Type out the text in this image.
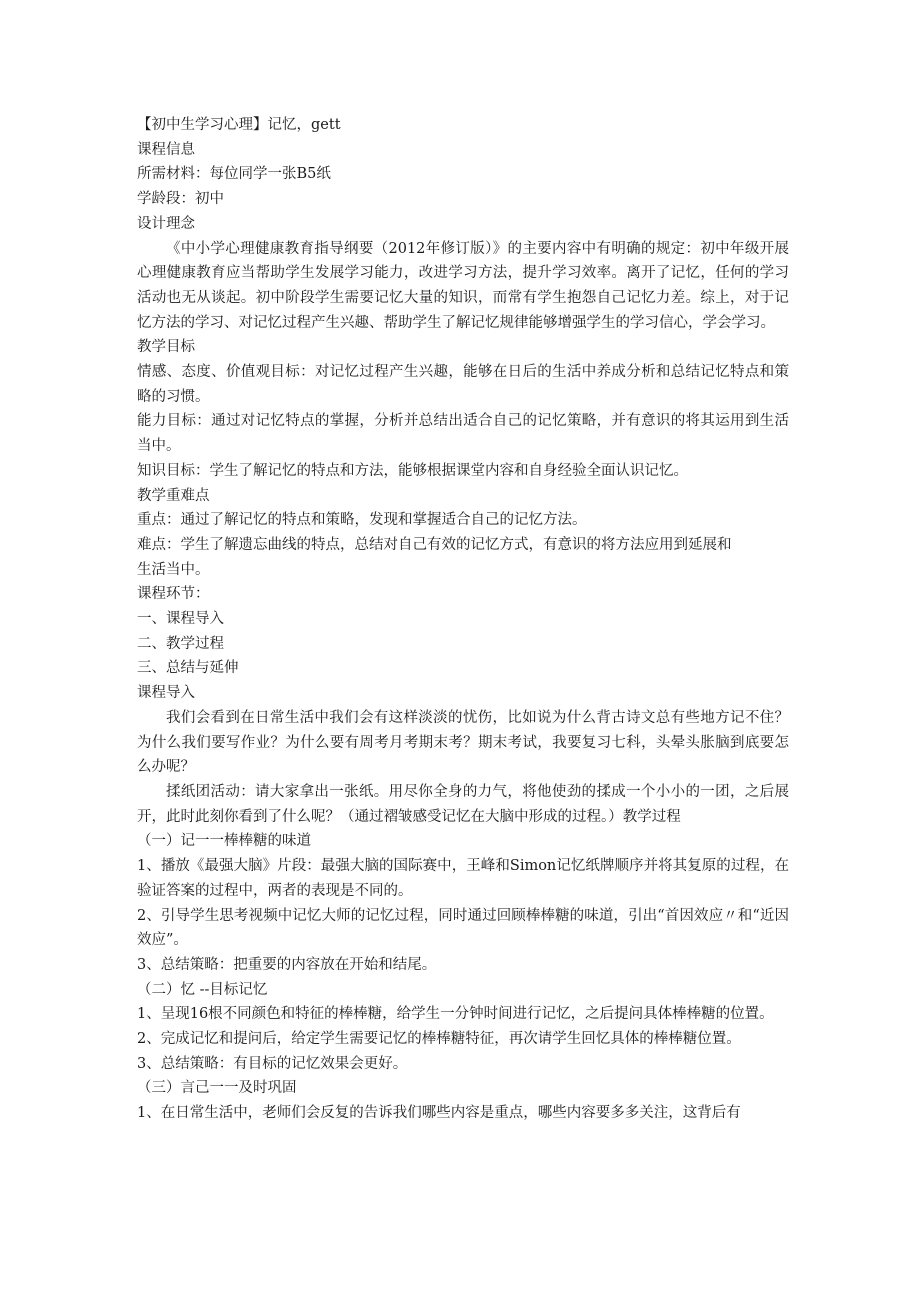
【初中生学习心理】记忆，gett
课程信息
所需材料：每位同学一张B5纸
学龄段：初中
设计理念
《中小学心理健康教育指导纲要（2012年修订版）》的主要内容中有明确的规定：初中年级开展心理健康教育应当帮助学生发展学习能力，改进学习方法，提升学习效率。离开了记忆，任何的学习活动也无从谈起。初中阶段学生需要记忆大量的知识，而常有学生抱怨自己记忆力差。综上，对于记忆方法的学习、对记忆过程产生兴趣、帮助学生了解记忆规律能够增强学生的学习信心，学会学习。
教学目标
情感、态度、价值观目标：对记忆过程产生兴趣，能够在日后的生活中养成分析和总结记忆特点和策略的习惯。
能力目标：通过对记忆特点的掌握，分析并总结出适合自己的记忆策略，并有意识的将其运用到生活当中。
知识目标：学生了解记忆的特点和方法，能够根据课堂内容和自身经验全面认识记忆。
教学重难点
重点：通过了解记忆的特点和策略，发现和掌握适合自己的记忆方法。
难点：学生了解遗忘曲线的特点，总结对自己有效的记忆方式，有意识的将方法应用到延展和
生活当中。
课程环节：
一、课程导入
二、教学过程
三、总结与延伸
课程导入
我们会看到在日常生活中我们会有这样淡淡的忧伤，比如说为什么背古诗文总有些地方记不住？为什么我们要写作业？为什么要有周考月考期末考？期末考试，我要复习七科，头晕头胀脑到底要怎么办呢？
揉纸团活动：请大家拿出一张纸。用尽你全身的力气，将他使劲的揉成一个小小的一团，之后展开，此时此刻你看到了什么呢？（通过褶皱感受记忆在大脑中形成的过程。）教学过程
（一）记一一棒棒糖的味道
1、播放《最强大脑》片段：最强大脑的国际赛中，王峰和Simon记忆纸牌顺序并将其复原的过程，在验证答案的过程中，两者的表现是不同的。
2、引导学生思考视频中记忆大师的记忆过程，同时通过回顾棒棒糖的味道，引出“首因效应〃和“近因效应”。
3、总结策略：把重要的内容放在开始和结尾。
（二）忆 --目标记忆
1、呈现16根不同颜色和特征的棒棒糖，给学生一分钟时间进行记忆，之后提问具体棒棒糖的位置。
2、完成记忆和提问后，给定学生需要记忆的棒棒糖特征，再次请学生回忆具体的棒棒糖位置。
3、总结策略：有目标的记忆效果会更好。
（三）言己一一及时巩固
1、在日常生活中，老师们会反复的告诉我们哪些内容是重点，哪些内容要多多关注，这背后有
